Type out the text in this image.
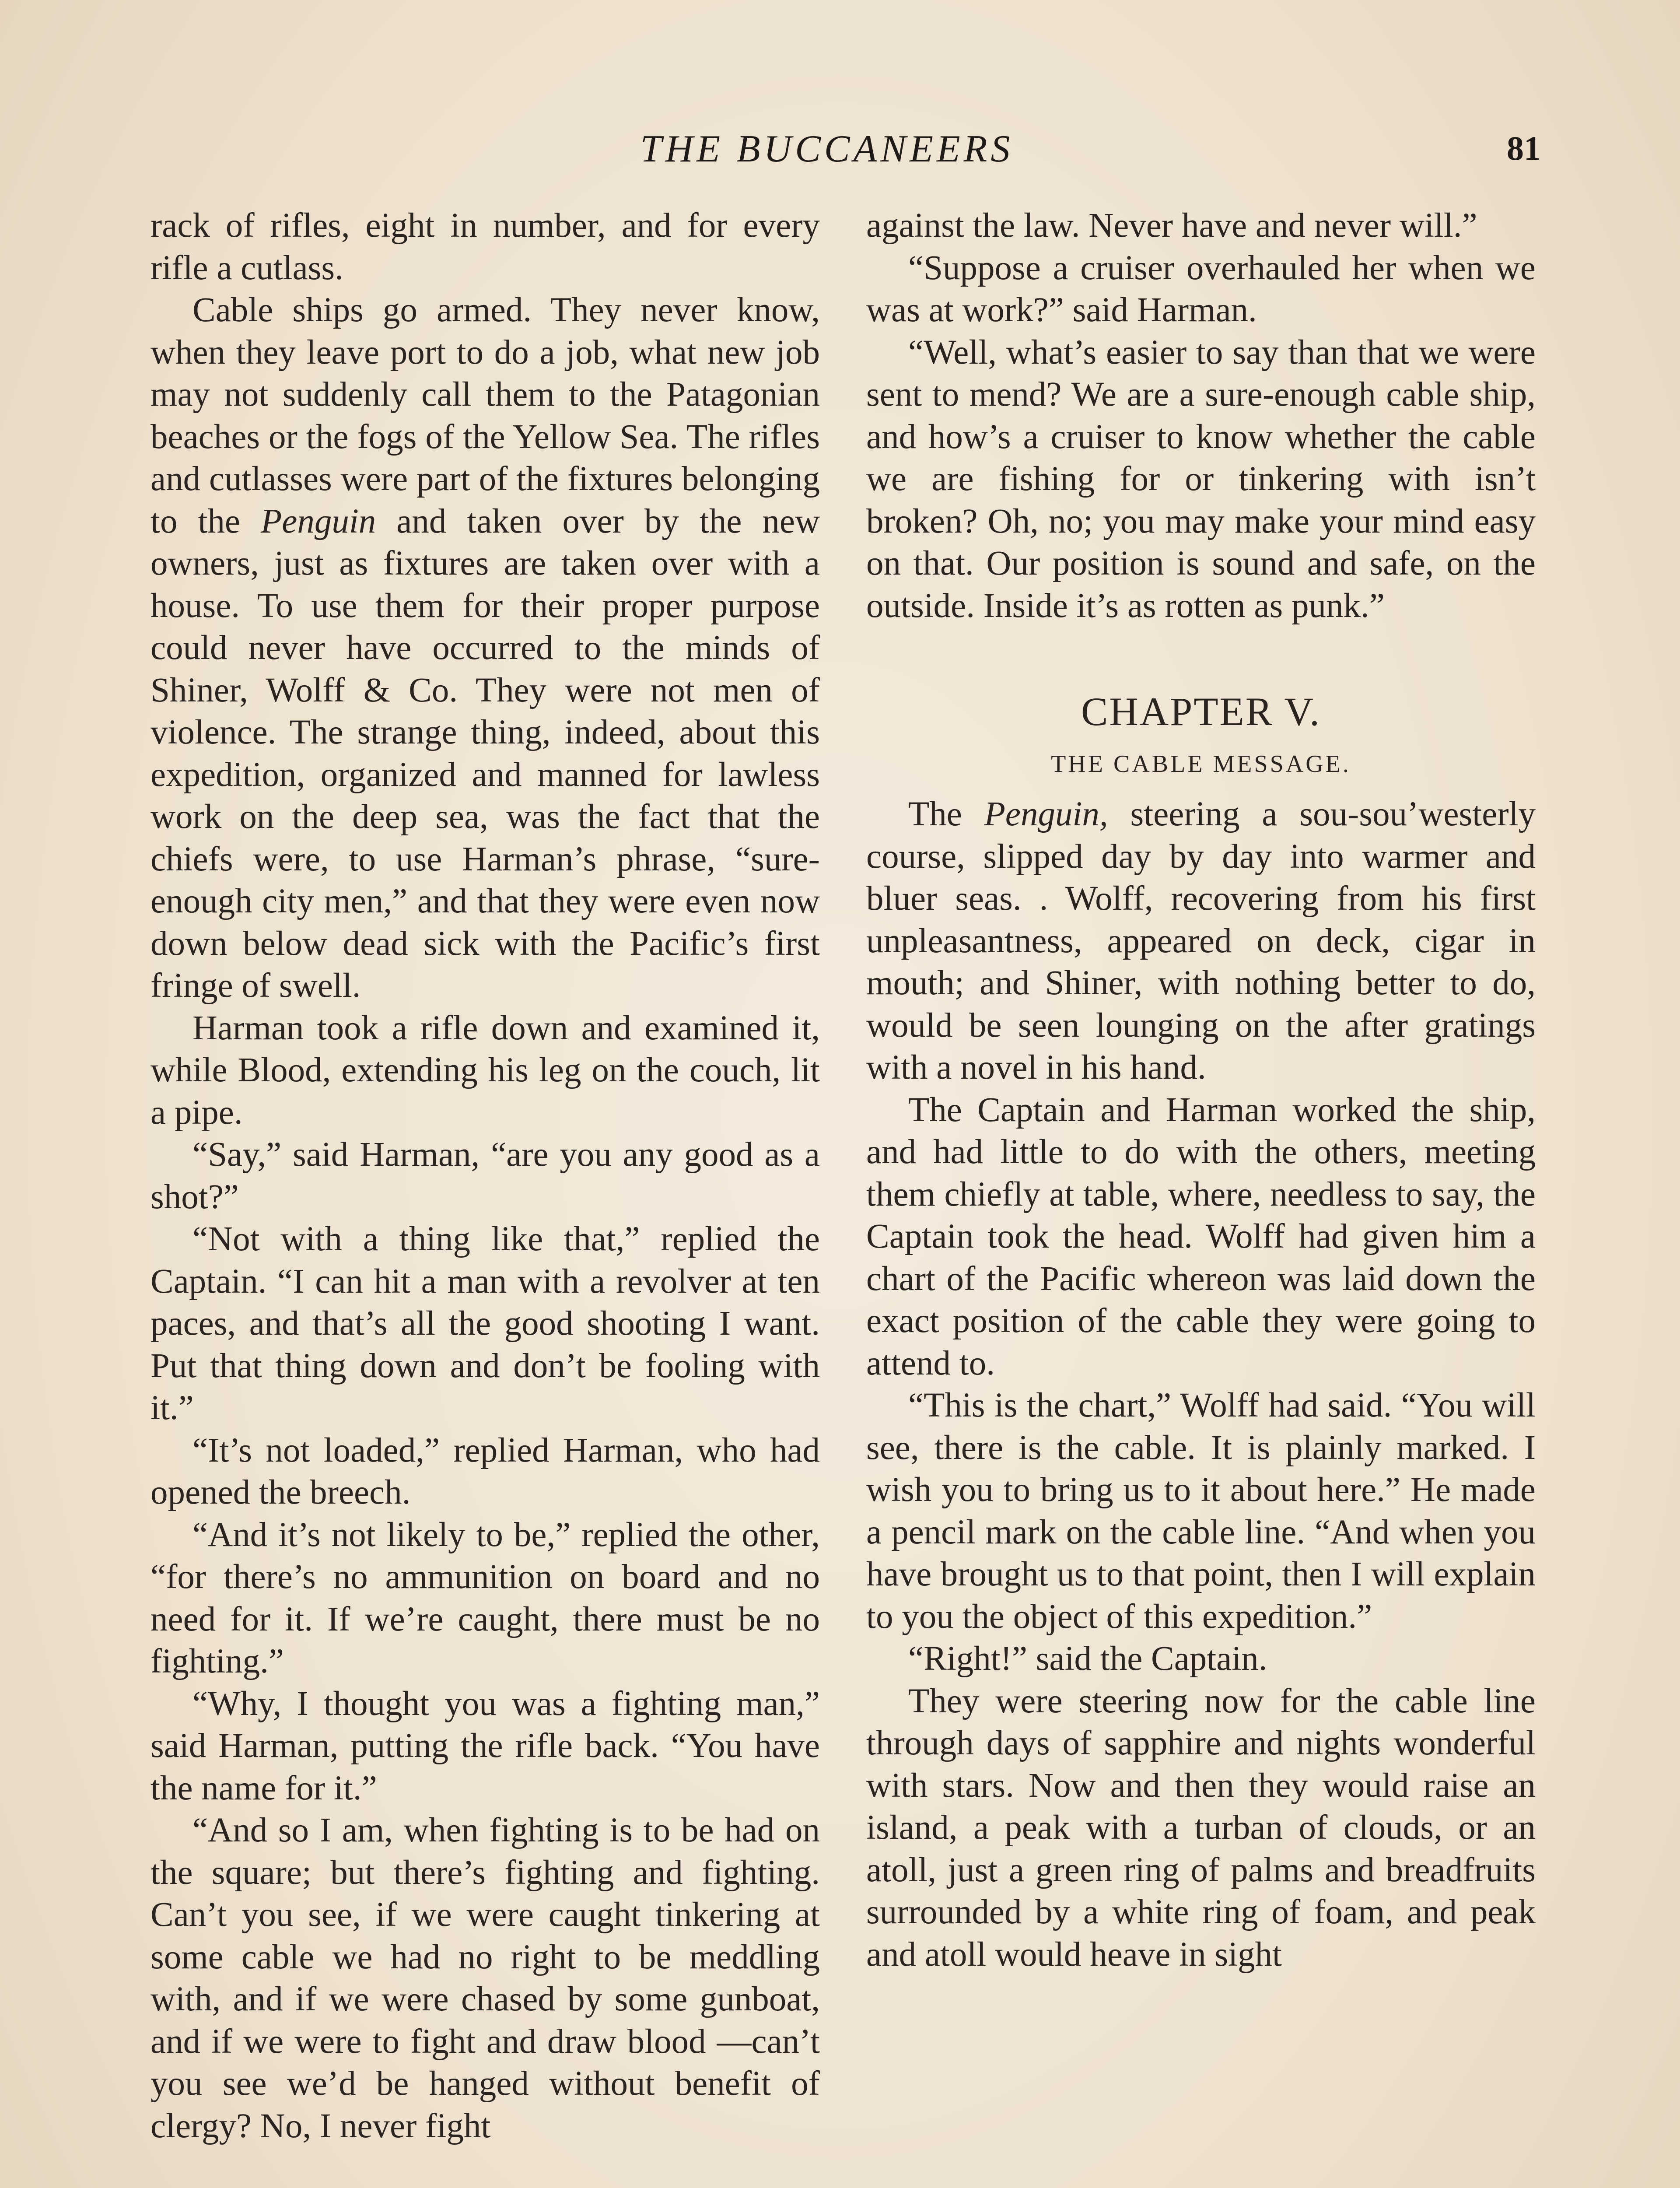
THE BUCCANEERS	81

rack of rifles, eight in number, and for every rifle a cutlass.

Cable ships go armed. They never know, when they leave port to do a job, what new job may not suddenly call them to the Patagonian beaches or the fogs of the Yellow Sea. The rifles and cutlasses were part of the fixtures belonging to the Penguin and taken over by the new owners, just as fixtures are taken over with a house. To use them for their proper purpose could never have occurred to the minds of Shiner, Wolff & Co. They were not men of violence. The strange thing, indeed, about this expedition, organized and manned for lawless work on the deep sea, was the fact that the chiefs were, to use Harman’s phrase, “sure-enough city men,” and that they were even now down below dead sick with the Pacific’s first fringe of swell.

Harman took a rifle down and examined it, while Blood, extending his leg on the couch, lit a pipe.

“Say,” said Harman, “are you any good as a shot?”

“Not with a thing like that,” replied the Captain. “I can hit a man with a revolver at ten paces, and that’s all the good shooting I want. Put that thing down and don’t be fooling with it.”

“It’s not loaded,” replied Harman, who had opened the breech.

“And it’s not likely to be,” replied the other, “for there’s no ammunition on board and no need for it. If we’re caught, there must be no fighting.”

“Why, I thought you was a fighting man,” said Harman, putting the rifle back. “You have the name for it.”

“And so I am, when fighting is to be had on the square; but there’s fighting and fighting. Can’t you see, if we were caught tinkering at some cable we had no right to be meddling with, and if we were chased by some gunboat, and if we were to fight and draw blood —can’t you see we’d be hanged without benefit of clergy? No, I never fight

against the law. Never have and never will.”

“Suppose a cruiser overhauled her when we was at work?” said Harman.

“Well, what’s easier to say than that we were sent to mend? We are a sure-enough cable ship, and how’s a cruiser to know whether the cable we are fishing for or tinkering with isn’t broken? Oh, no; you may make your mind easy on that. Our position is sound and safe, on the outside. Inside it’s as rotten as punk.”

CHAPTER V.
THE CABLE MESSAGE.

The Penguin, steering a sou-sou’westerly course, slipped day by day into warmer and bluer seas. . Wolff, recovering from his first unpleasantness, appeared on deck, cigar in mouth; and Shiner, with nothing better to do, would be seen lounging on the after gratings with a novel in his hand.

The Captain and Harman worked the ship, and had little to do with the others, meeting them chiefly at table, where, needless to say, the Captain took the head. Wolff had given him a chart of the Pacific whereon was laid down the exact position of the cable they were going to attend to.

“This is the chart,” Wolff had said. “You will see, there is the cable. It is plainly marked. I wish you to bring us to it about here.” He made a pencil mark on the cable line. “And when you have brought us to that point, then I will explain to you the object of this expedition.”

“Right!” said the Captain.

They were steering now for the cable line through days of sapphire and nights wonderful with stars. Now and then they would raise an island, a peak with a turban of clouds, or an atoll, just a green ring of palms and breadfruits surrounded by a white ring of foam, and peak and atoll would heave in sight
